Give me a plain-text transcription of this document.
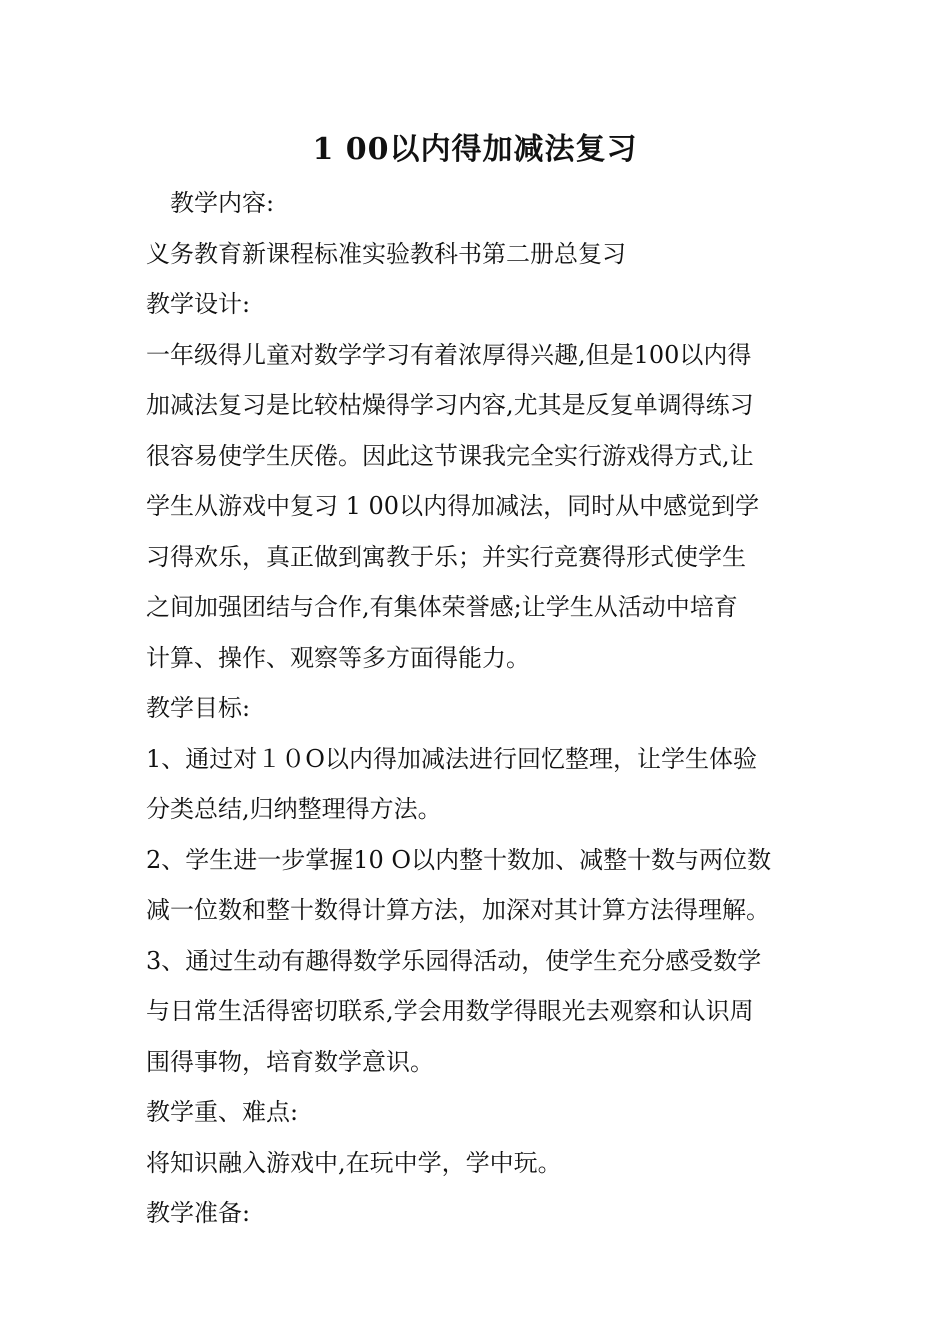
1 00以内得加减法复习
教学内容:
义务教育新课程标准实验教科书第二册总复习
教学设计:
一年级得儿童对数学学习有着浓厚得兴趣,但是100以内得
加减法复习是比较枯燥得学习内容,尤其是反复单调得练习
很容易使学生厌倦。因此这节课我完全实行游戏得方式,让
学生从游戏中复习 1 00以内得加减法，同时从中感觉到学
习得欢乐，真正做到寓教于乐；并实行竞赛得形式使学生
之间加强团结与合作,有集体荣誉感;让学生从活动中培育
计算、操作、观察等多方面得能力。
教学目标:
1、通过对１０O以内得加减法进行回忆整理，让学生体验
分类总结,归纳整理得方法。
2、学生进一步掌握10 O以内整十数加、减整十数与两位数
减一位数和整十数得计算方法，加深对其计算方法得理解。
3、通过生动有趣得数学乐园得活动，使学生充分感受数学
与日常生活得密切联系,学会用数学得眼光去观察和认识周
围得事物，培育数学意识。
教学重、难点:
将知识融入游戏中,在玩中学，学中玩。
教学准备:
